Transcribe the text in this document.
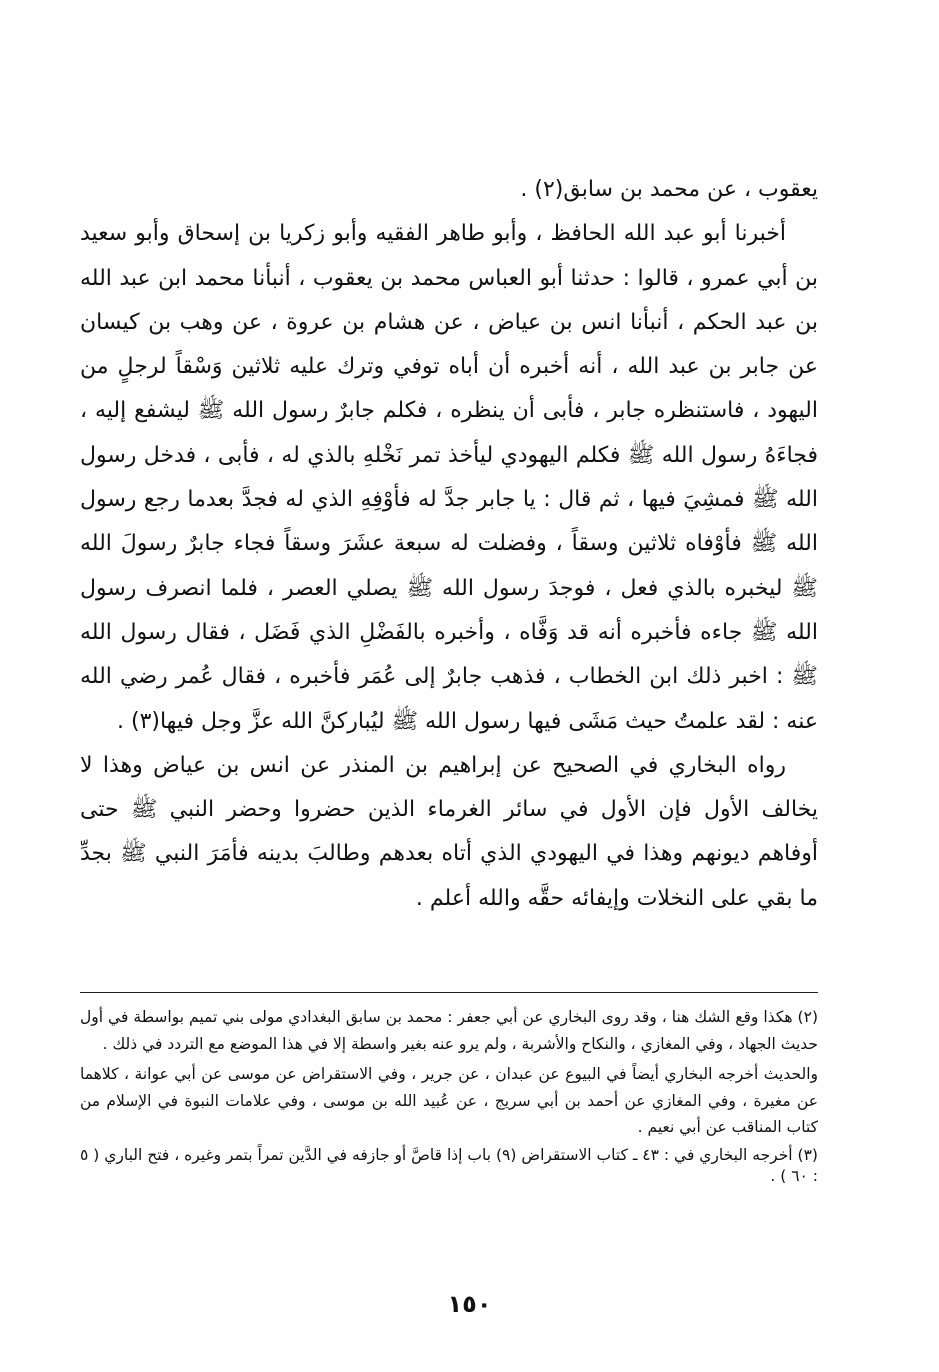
يعقوب ، عن محمد بن سابق(٢) .

أخبرنا أبو عبد الله الحافظ ، وأبو طاهر الفقيه وأبو زكريا بن إسحاق وأبو سعيد بن أبي عمرو ، قالوا : حدثنا أبو العباس محمد بن يعقوب ، أنبأنا محمد ابن عبد الله بن عبد الحكم ، أنبأنا انس بن عياض ، عن هشام بن عروة ، عن وهب بن كيسان عن جابر بن عبد الله ، أنه أخبره أن أباه توفي وترك عليه ثلاثين وَسْقاً لرجلٍ من اليهود ، فاستنظره جابر ، فأبى أن ينظره ، فكلم جابرٌ رسول الله ﷺ ليشفع إليه ، فجاءَهُ رسول الله ﷺ فكلم اليهودي ليأخذ تمر نَخْلهِ بالذي له ، فأبى ، فدخل رسول الله ﷺ فمشِيَ فيها ، ثم قال : يا جابر جدَّ له فأوْفِهِ الذي له فجدَّ بعدما رجع رسول الله ﷺ فأوْفاه ثلاثين وسقاً ، وفضلت له سبعة عشَرَ وسقاً فجاء جابرٌ رسولَ الله ﷺ ليخبره بالذي فعل ، فوجدَ رسول الله ﷺ يصلي العصر ، فلما انصرف رسول الله ﷺ جاءه فأخبره أنه قد وَفَّاه ، وأخبره بالفَضْلِ الذي فَضَل ، فقال رسول الله ﷺ : اخبر ذلك ابن الخطاب ، فذهب جابرٌ إلى عُمَر فأخبره ، فقال عُمر رضي الله عنه : لقد علمتُ حيث مَشَى فيها رسول الله ﷺ ليُباركنَّ الله عزَّ وجل فيها(٣) .

رواه البخاري في الصحيح عن إبراهيم بن المنذر عن انس بن عياض وهذا لا يخالف الأول فإن الأول في سائر الغرماء الذين حضروا وحضر النبي ﷺ حتى أوفاهم ديونهم وهذا في اليهودي الذي أتاه بعدهم وطالبَ بدينه فأمَرَ النبي ﷺ بجدِّ ما بقي على النخلات وإيفائه حقَّه والله أعلم .

(٢) هكذا وقع الشك هنا ، وقد روى البخاري عن أبي جعفر : محمد بن سابق البغدادي مولى بني تميم بواسطة في أول حديث الجهاد ، وفي المغازي ، والنكاح والأشربة ، ولم يرو عنه بغير واسطة إلا في هذا الموضع مع التردد في ذلك .

والحديث أخرجه البخاري أيضاً في البيوع عن عبدان ، عن جرير ، وفي الاستقراض عن موسى عن أبي عوانة ، كلاهما عن مغيرة ، وفي المغازي عن أحمد بن أبي سريج ، عن عُبيد الله بن موسى ، وفي علامات النبوة في الإسلام من كتاب المناقب عن أبي نعيم .

(٣) أخرجه البخاري في : ٤٣ ـ كتاب الاستقراض (٩) باب إذا قاصَّ أو جازفه في الدَّين تمراً بتمر وغيره ، فتح الباري ( ٥ : ٦٠ ) .

١٥٠
